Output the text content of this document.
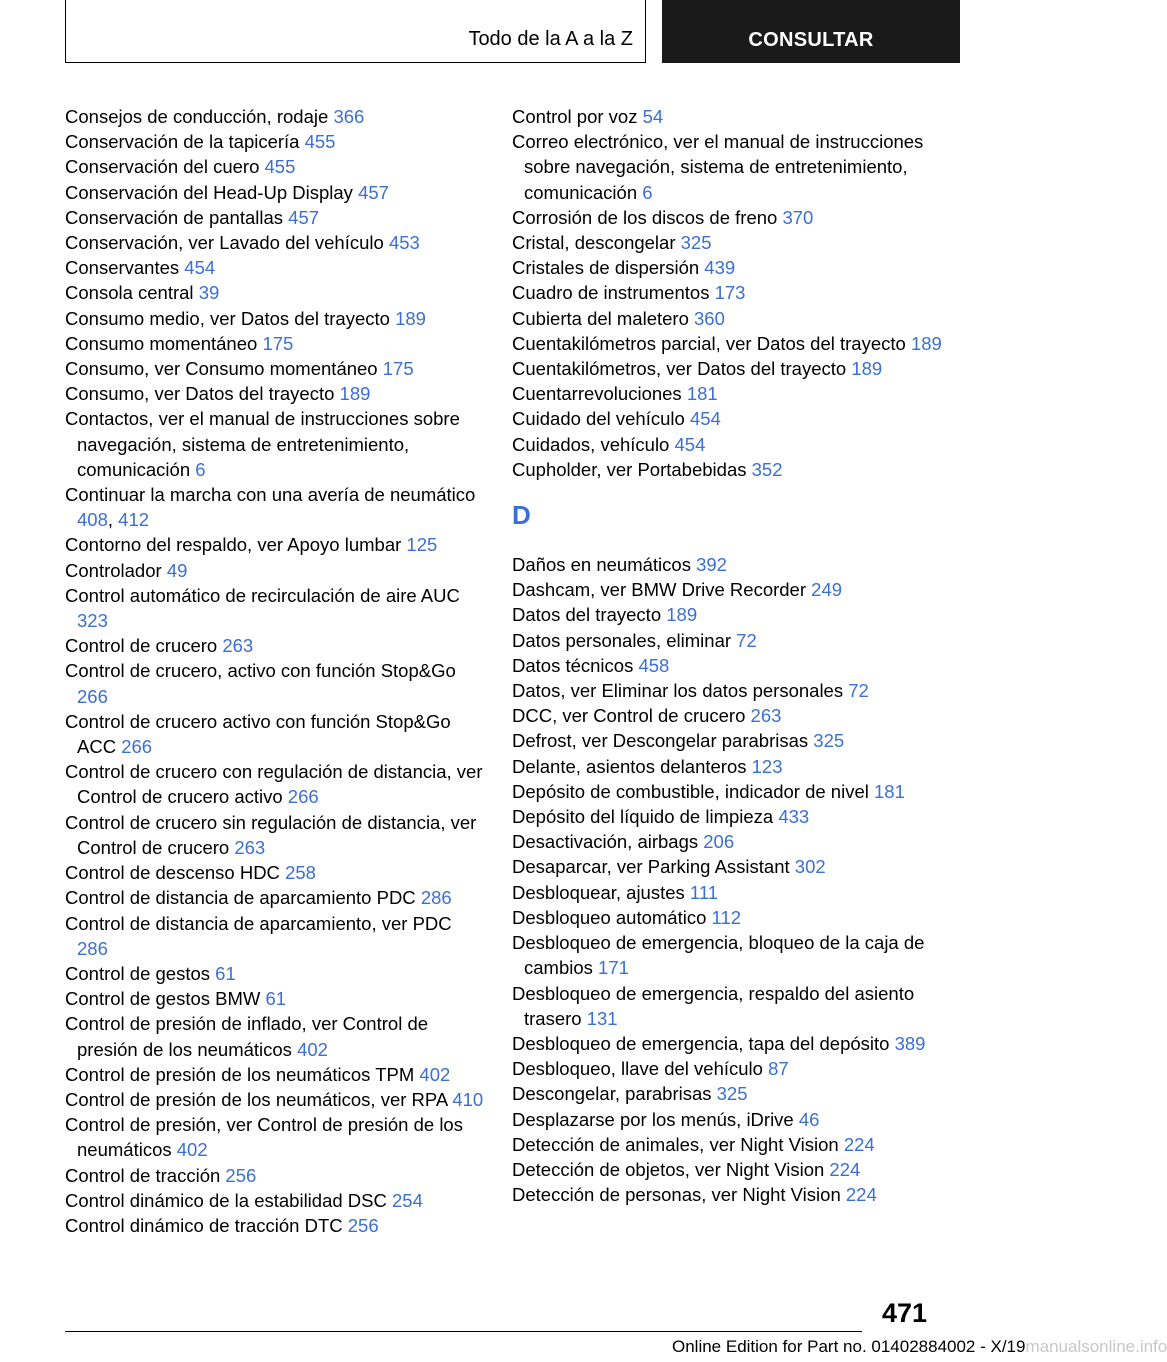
Todo de la A a la Z	CONSULTAR
Consejos de conducción, rodaje 366
Conservación de la tapicería 455
Conservación del cuero 455
Conservación del Head-Up Display 457
Conservación de pantallas 457
Conservación, ver Lavado del vehículo 453
Conservantes 454
Consola central 39
Consumo medio, ver Datos del trayecto 189
Consumo momentáneo 175
Consumo, ver Consumo momentáneo 175
Consumo, ver Datos del trayecto 189
Contactos, ver el manual de instrucciones sobre navegación, sistema de entretenimiento, comunicación 6
Continuar la marcha con una avería de neumático 408, 412
Contorno del respaldo, ver Apoyo lumbar 125
Controlador 49
Control automático de recirculación de aire AUC 323
Control de crucero 263
Control de crucero, activo con función Stop&Go 266
Control de crucero activo con función Stop&Go ACC 266
Control de crucero con regulación de distancia, ver Control de crucero activo 266
Control de crucero sin regulación de distancia, ver Control de crucero 263
Control de descenso HDC 258
Control de distancia de aparcamiento PDC 286
Control de distancia de aparcamiento, ver PDC 286
Control de gestos 61
Control de gestos BMW 61
Control de presión de inflado, ver Control de presión de los neumáticos 402
Control de presión de los neumáticos TPM 402
Control de presión de los neumáticos, ver RPA 410
Control de presión, ver Control de presión de los neumáticos 402
Control de tracción 256
Control dinámico de la estabilidad DSC 254
Control dinámico de tracción DTC 256
Control por voz 54
Correo electrónico, ver el manual de instrucciones sobre navegación, sistema de entretenimiento, comunicación 6
Corrosión de los discos de freno 370
Cristal, descongelar 325
Cristales de dispersión 439
Cuadro de instrumentos 173
Cubierta del maletero 360
Cuentakilómetros parcial, ver Datos del trayecto 189
Cuentakilómetros, ver Datos del trayecto 189
Cuentarrevoluciones 181
Cuidado del vehículo 454
Cuidados, vehículo 454
Cupholder, ver Portabebidas 352
D
Daños en neumáticos 392
Dashcam, ver BMW Drive Recorder 249
Datos del trayecto 189
Datos personales, eliminar 72
Datos técnicos 458
Datos, ver Eliminar los datos personales 72
DCC, ver Control de crucero 263
Defrost, ver Descongelar parabrisas 325
Delante, asientos delanteros 123
Depósito de combustible, indicador de nivel 181
Depósito del líquido de limpieza 433
Desactivación, airbags 206
Desaparcar, ver Parking Assistant 302
Desbloquear, ajustes 111
Desbloqueo automático 112
Desbloqueo de emergencia, bloqueo de la caja de cambios 171
Desbloqueo de emergencia, respaldo del asiento trasero 131
Desbloqueo de emergencia, tapa del depósito 389
Desbloqueo, llave del vehículo 87
Descongelar, parabrisas 325
Desplazarse por los menús, iDrive 46
Detección de animales, ver Night Vision 224
Detección de objetos, ver Night Vision 224
Detección de personas, ver Night Vision 224
471
Online Edition for Part no. 01402884002 - X/19manualsonline.info
